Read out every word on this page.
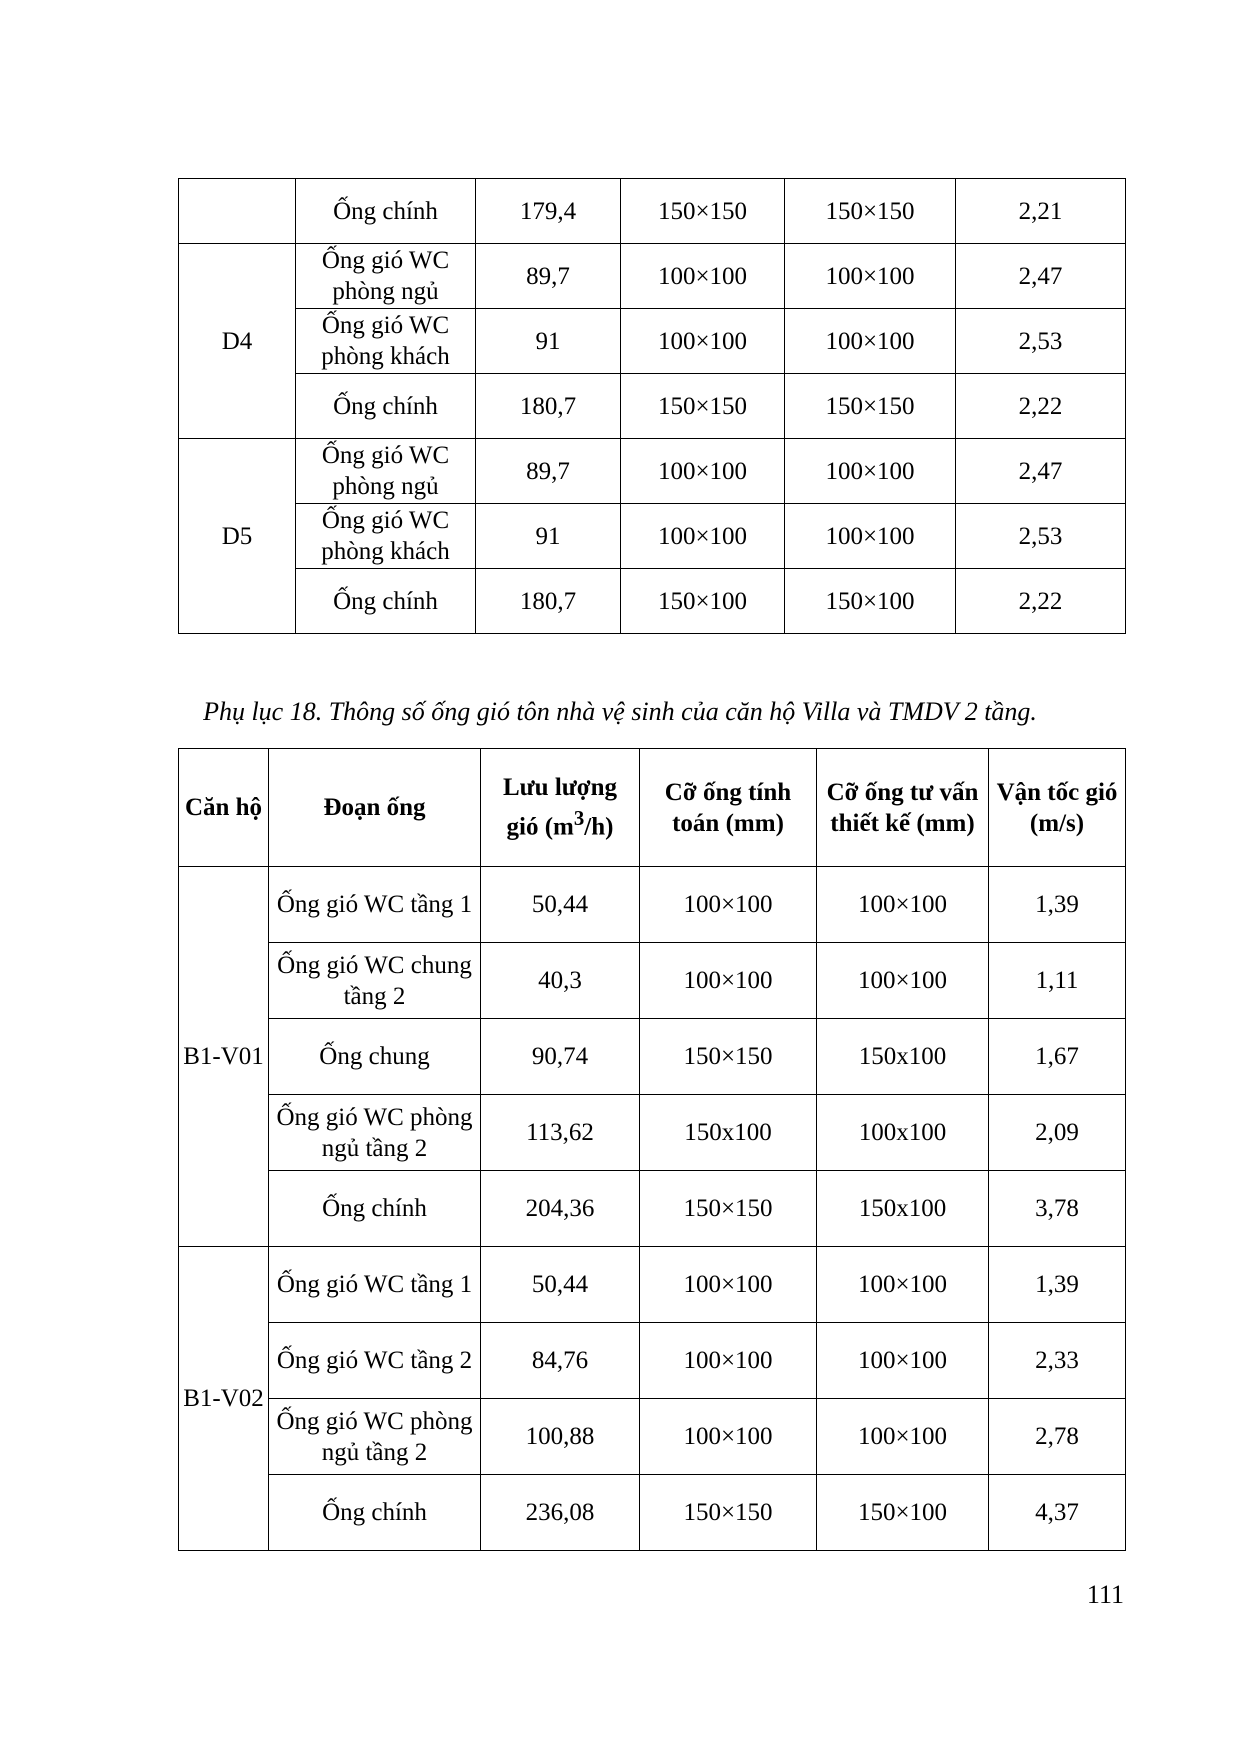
	Ống chính	179,4	150×150	150×150	2,21
D4	Ống gió WC phòng ngủ	89,7	100×100	100×100	2,47
	Ống gió WC phòng khách	91	100×100	100×100	2,53
	Ống chính	180,7	150×150	150×150	2,22
D5	Ống gió WC phòng ngủ	89,7	100×100	100×100	2,47
	Ống gió WC phòng khách	91	100×100	100×100	2,53
	Ống chính	180,7	150×100	150×100	2,22
Phụ lục 18. Thông số ống gió tôn nhà vệ sinh của căn hộ Villa và TMDV 2 tầng.
Căn hộ	Đoạn ống	Lưu lượng gió $(m^3/h)$	Cỡ ống tính toán (mm)	Cỡ ống tư vấn thiết kế (mm)	Vận tốc gió (m/s)
B1-V01	Ống gió WC tầng 1	50,44	100×100	100×100	1,39
	Ống gió WC chung tầng 2	40,3	100×100	100×100	1,11
	Ống chung	90,74	150×150	150x100	1,67
	Ống gió WC phòng ngủ tầng 2	113,62	150x100	100x100	2,09
	Ống chính	204,36	150×150	150x100	3,78
B1-V02	Ống gió WC tầng 1	50,44	100×100	100×100	1,39
	Ống gió WC tầng 2	84,76	100×100	100×100	2,33
	Ống gió WC phòng ngủ tầng 2	100,88	100×100	100×100	2,78
	Ống chính	236,08	150×150	150×100	4,37
111
